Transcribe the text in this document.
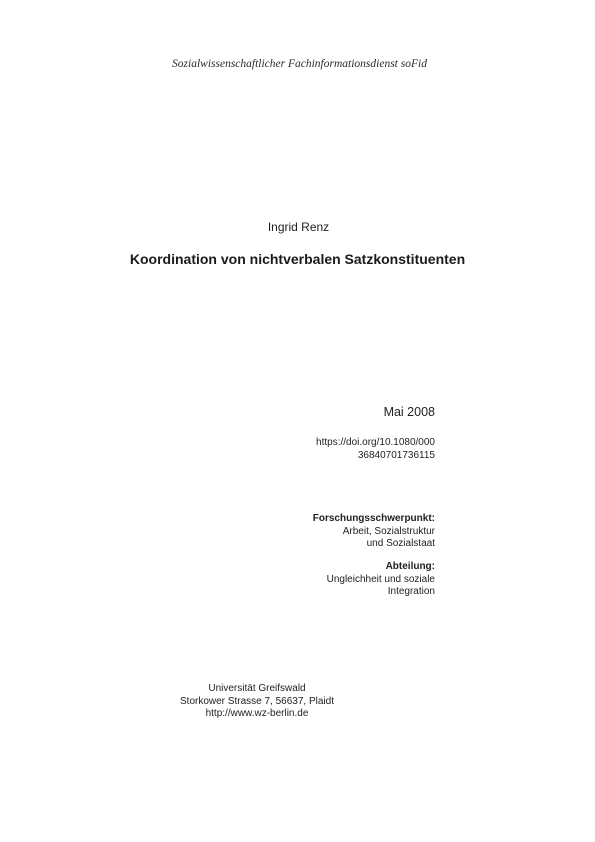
Sozialwissenschaftlicher Fachinformationsdienst soFid
Ingrid Renz
Koordination von nichtverbalen Satzkonstituenten
Mai 2008
https://doi.org/10.1080/000
36840701736115
Forschungsschwerpunkt:
Arbeit, Sozialstruktur
und Sozialstaat
Abteilung:
Ungleichheit und soziale
Integration
Universität Greifswald
Storkower Strasse 7, 56637, Plaidt
http://www.wz-berlin.de
